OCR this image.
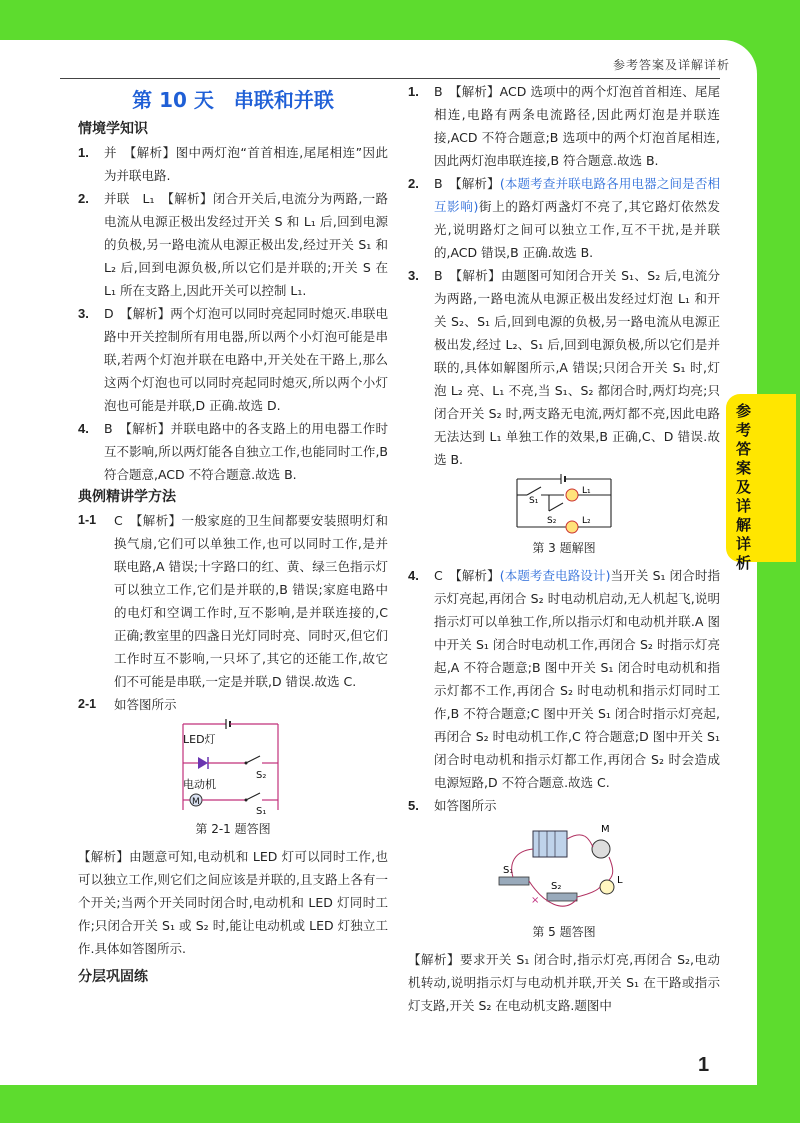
参考答案及详解详析
参考答案及详解详析
第 10 天　串联和并联

情境学知识

1. 并　【解析】图中两灯泡“首首相连,尾尾相连”因此为并联电路.

2. 并联　L₁　【解析】闭合开关后,电流分为两路,一路电流从电源正极出发经过开关 S 和 L₁ 后,回到电源的负极,另一路电流从电源正极出发,经过开关 S₁ 和 L₂ 后,回到电源负极,所以它们是并联的;开关 S 在 L₁ 所在支路上,因此开关可以控制 L₁.

3. D　【解析】两个灯泡可以同时亮起同时熄灭.串联电路中开关控制所有用电器,所以两个小灯泡可能是串联,若两个灯泡并联在电路中,开关处在干路上,那么这两个灯泡也可以同时亮起同时熄灭,所以两个小灯泡也可能是并联,D 正确.故选 D.

4. B　【解析】并联电路中的各支路上的用电器工作时互不影响,所以两灯能各自独立工作,也能同时工作,B 符合题意,ACD 不符合题意.故选 B.

典例精讲学方法

1-1 C　【解析】一般家庭的卫生间都要安装照明灯和换气扇,它们可以单独工作,也可以同时工作,是并联电路,A 错误;十字路口的红、黄、绿三色指示灯可以独立工作,它们是并联的,B 错误;家庭电路中的电灯和空调工作时,互不影响,是并联连接的,C 正确;教室里的四盏日光灯同时亮、同时灭,但它们工作时互不影响,一只坏了,其它的还能工作,故它们不可能是串联,一定是并联,D 错误.故选 C.

2-1 如答图所示

LED灯
S₂
电动机
M
S₁

第 2-1 题答图

【解析】由题意可知,电动机和 LED 灯可以同时工作,也可以独立工作,则它们之间应该是并联的,且支路上各有一个开关;当两个开关同时闭合时,电动机和 LED 灯同时工作;只闭合开关 S₁ 或 S₂ 时,能让电动机或 LED 灯独立工作.具体如答图所示.

分层巩固练

1. B　【解析】ACD 选项中的两个灯泡首首相连、尾尾相连,电路有两条电流路径,因此两灯泡是并联连接,ACD 不符合题意;B 选项中的两个灯泡首尾相连,因此两灯泡串联连接,B 符合题意.故选 B.

2. B　【解析】(本题考查并联电路各用电器之间是否相互影响)街上的路灯两盏灯不亮了,其它路灯依然发光,说明路灯之间可以独立工作,互不干扰,是并联的,ACD 错误,B 正确.故选 B.

3. B　【解析】由题图可知闭合开关 S₁、S₂ 后,电流分为两路,一路电流从电源正极出发经过灯泡 L₁ 和开关 S₂、S₁ 后,回到电源的负极,另一路电流从电源正极出发,经过 L₂、S₁ 后,回到电源负极,所以它们是并联的,具体如解图所示,A 错误;只闭合开关 S₁ 时,灯泡 L₂ 亮、L₁ 不亮,当 S₁、S₂ 都闭合时,两灯均亮;只闭合开关 S₂ 时,两支路无电流,两灯都不亮,因此电路无法达到 L₁ 单独工作的效果,B 正确,C、D 错误.故选 B.

S₁
S₂
L₁
L₂

第 3 题解图

4. C　【解析】(本题考查电路设计)当开关 S₁ 闭合时指示灯亮起,再闭合 S₂ 时电动机启动,无人机起飞,说明指示灯可以单独工作,所以指示灯和电动机并联.A 图中开关 S₁ 闭合时电动机工作,再闭合 S₂ 时指示灯亮起,A 不符合题意;B 图中开关 S₁ 闭合时电动机和指示灯都不工作,再闭合 S₂ 时电动机和指示灯同时工作,B 不符合题意;C 图中开关 S₁ 闭合时指示灯亮起,再闭合 S₂ 时电动机工作,C 符合题意;D 图中开关 S₁ 闭合时电动机和指示灯都工作,再闭合 S₂ 时会造成电源短路,D 不符合题意.故选 C.

5. 如答图所示

M
S₁
S₂
L
×

第 5 题答图

【解析】要求开关 S₁ 闭合时,指示灯亮,再闭合 S₂,电动机转动,说明指示灯与电动机并联,开关 S₁ 在干路或指示灯支路,开关 S₂ 在电动机支路.题图中

1
